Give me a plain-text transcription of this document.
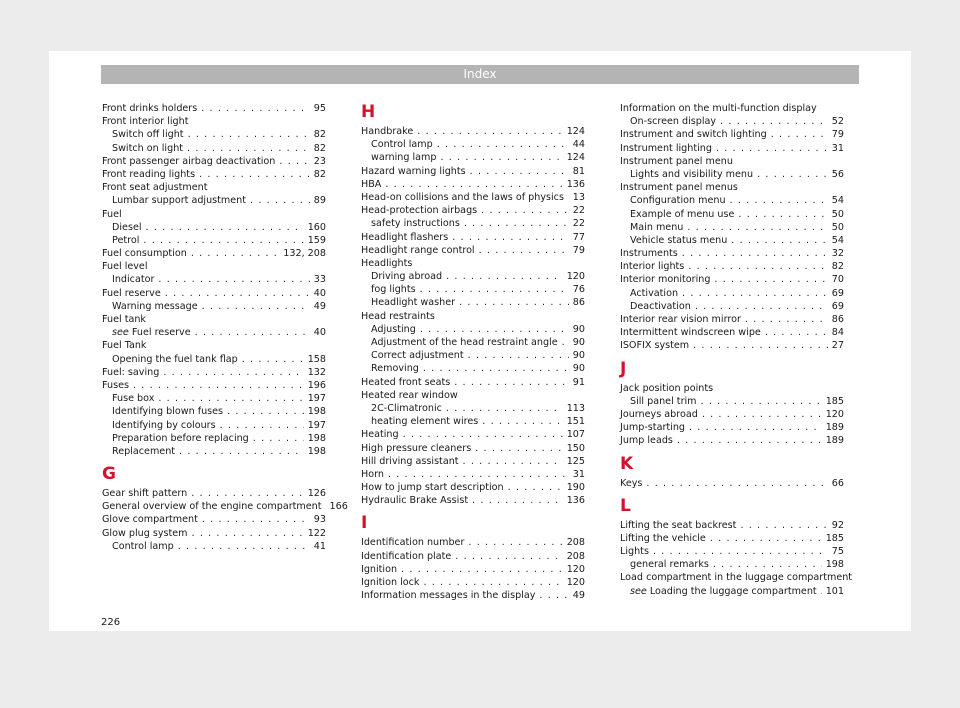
Index
Front drinks holders . . .	95
Front interior light
Switch off light . . .	82
Switch on light . . .	82
Front passenger airbag deactivation . . .	23
Front reading lights . . .	82
Front seat adjustment
Lumbar support adjustment . . .	89
Fuel
Diesel . . .	160
Petrol . . .	159
Fuel consumption . . .	132, 208
Fuel level
Indicator . . .	33
Fuel reserve . . .	40
Warning message . . .	49
Fuel tank
see Fuel reserve . . .	40
Fuel Tank
Opening the fuel tank flap . . .	158
Fuel: saving . . .	132
Fuses . . .	196
Fuse box . . .	197
Identifying blown fuses . . .	198
Identifying by colours . . .	197
Preparation before replacing . . .	198
Replacement . . .	198
G
Gear shift pattern . . .	126
General overview of the engine compartment 166
Glove compartment . . .	93
Glow plug system . . .	122
Control lamp . . .	41
H
Handbrake . . .	124
Control lamp . . .	44
warning lamp . . .	124
Hazard warning lights . . .	81
HBA . . .	136
Head-on collisions and the laws of physics . . . 13
Head-protection airbags . . .	22
safety instructions . . .	22
Headlight flashers . . .	77
Headlight range control . . .	79
Headlights
Driving abroad . . .	120
fog lights . . .	76
Headlight washer . . .	86
Head restraints
Adjusting . . .	90
Adjustment of the head restraint angle . . . 90
Correct adjustment . . .	90
Removing . . .	90
Heated front seats . . .	91
Heated rear window
2C-Climatronic . . .	113
heating element wires . . .	151
Heating . . .	107
High pressure cleaners . . .	150
Hill driving assistant . . .	125
Horn . . .	31
How to jump start description . . .	190
Hydraulic Brake Assist . . .	136
I
Identification number . . .	208
Identification plate . . .	208
Ignition . . .	120
Ignition lock . . .	120
Information messages in the display . . .	49
Information on the multi-function display
On-screen display . . .	52
Instrument and switch lighting . . .	79
Instrument lighting . . .	31
Instrument panel menu
Lights and visibility menu . . .	56
Instrument panel menus
Configuration menu . . .	54
Example of menu use . . .	50
Main menu . . .	50
Vehicle status menu . . .	54
Instruments . . .	32
Interior lights . . .	82
Interior monitoring . . .	70
Activation . . .	69
Deactivation . . .	69
Interior rear vision mirror . . .	86
Intermittent windscreen wipe . . .	84
ISOFIX system . . .	27
J
Jack position points
Sill panel trim . . .	185
Journeys abroad . . .	120
Jump-starting . . .	189
Jump leads . . .	189
K
Keys . . .	66
L
Lifting the seat backrest . . .	92
Lifting the vehicle . . .	185
Lights . . .	75
general remarks . . .	198
Load compartment in the luggage compartment
see Loading the luggage compartment . . . 101
226
